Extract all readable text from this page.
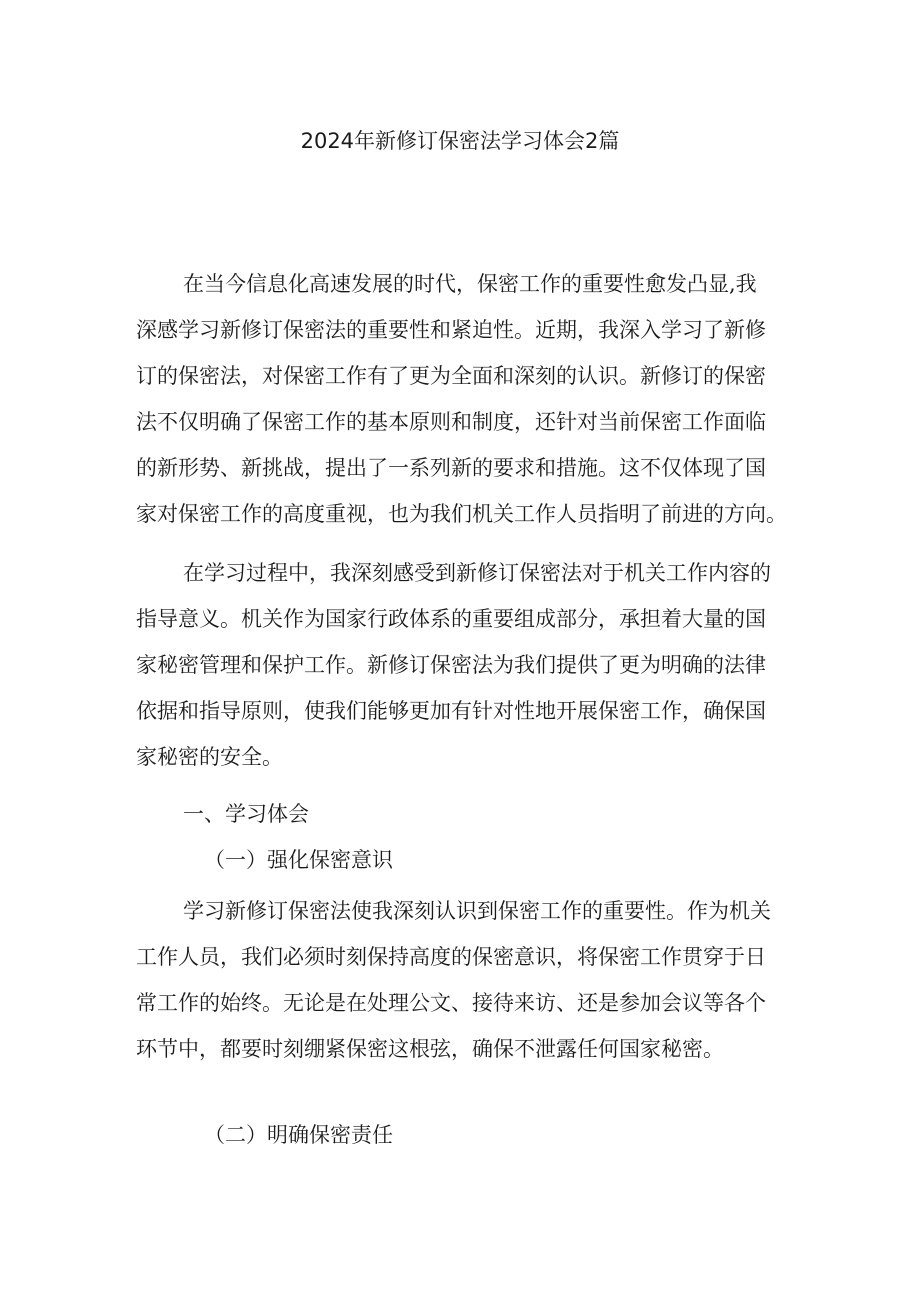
2024年新修订保密法学习体会2篇
在当今信息化高速发展的时代，保密工作的重要性愈发凸显,我
深感学习新修订保密法的重要性和紧迫性。近期，我深入学习了新修
订的保密法，对保密工作有了更为全面和深刻的认识。新修订的保密
法不仅明确了保密工作的基本原则和制度，还针对当前保密工作面临
的新形势、新挑战，提出了一系列新的要求和措施。这不仅体现了国
家对保密工作的高度重视，也为我们机关工作人员指明了前进的方向。
在学习过程中，我深刻感受到新修订保密法对于机关工作内容的
指导意义。机关作为国家行政体系的重要组成部分，承担着大量的国
家秘密管理和保护工作。新修订保密法为我们提供了更为明确的法律
依据和指导原则，使我们能够更加有针对性地开展保密工作，确保国
家秘密的安全。
一、学习体会
（一）强化保密意识
学习新修订保密法使我深刻认识到保密工作的重要性。作为机关
工作人员，我们必须时刻保持高度的保密意识，将保密工作贯穿于日
常工作的始终。无论是在处理公文、接待来访、还是参加会议等各个
环节中，都要时刻绷紧保密这根弦，确保不泄露任何国家秘密。
（二）明确保密责任
